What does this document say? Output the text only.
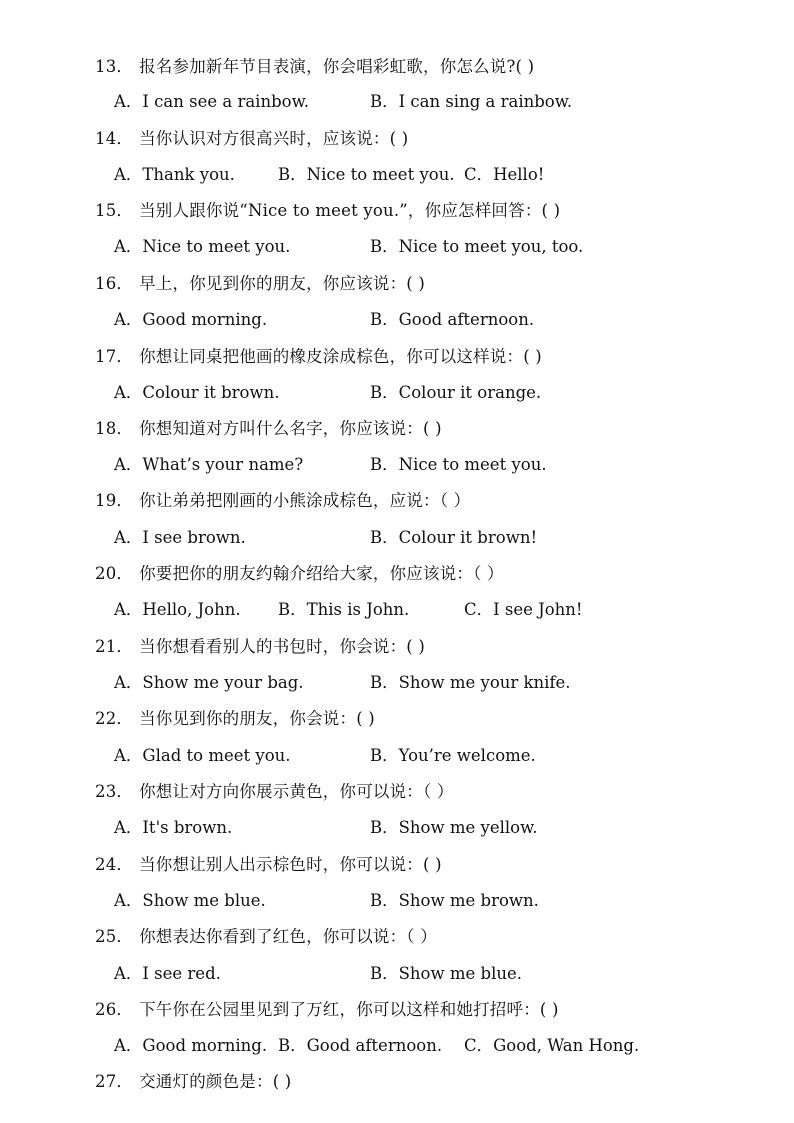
13． 报名参加新年节目表演，你会唱彩虹歌，你怎么说?( )
A．I can see a rainbow.	B．I can sing a rainbow.
14． 当你认识对方很高兴时，应该说：( )
A．Thank you.	B．Nice to meet you. C．Hello!
15． 当别人跟你说“Nice to meet you.”，你应怎样回答：( )
A．Nice to meet you.	B．Nice to meet you, too.
16． 早上，你见到你的朋友，你应该说：( )
A．Good morning.	B．Good afternoon.
17． 你想让同桌把他画的橡皮涂成棕色，你可以这样说：( )
A．Colour it brown.	B．Colour it orange.
18． 你想知道对方叫什么名字，你应该说：( )
A．What’s your name?	B．Nice to meet you.
19． 你让弟弟把刚画的小熊涂成棕色，应说：（ ）
A．I see brown.	B．Colour it brown!
20． 你要把你的朋友约翰介绍给大家，你应该说：（ ）
A．Hello, John. B．This is John.	C．I see John!
21． 当你想看看别人的书包时，你会说：( )
A．Show me your bag.	B．Show me your knife.
22． 当你见到你的朋友，你会说：( )
A．Glad to meet you.	B．You’re welcome.
23． 你想让对方向你展示黄色，你可以说：（ ）
A．It's brown.	B．Show me yellow.
24． 当你想让别人出示棕色时，你可以说：( )
A．Show me blue.	B．Show me brown.
25． 你想表达你看到了红色，你可以说：（ ）
A．I see red.	B．Show me blue.
26． 下午你在公园里见到了万红，你可以这样和她打招呼：( )
A．Good morning. B．Good afternoon. C．Good, Wan Hong.
27． 交通灯的颜色是：( )
